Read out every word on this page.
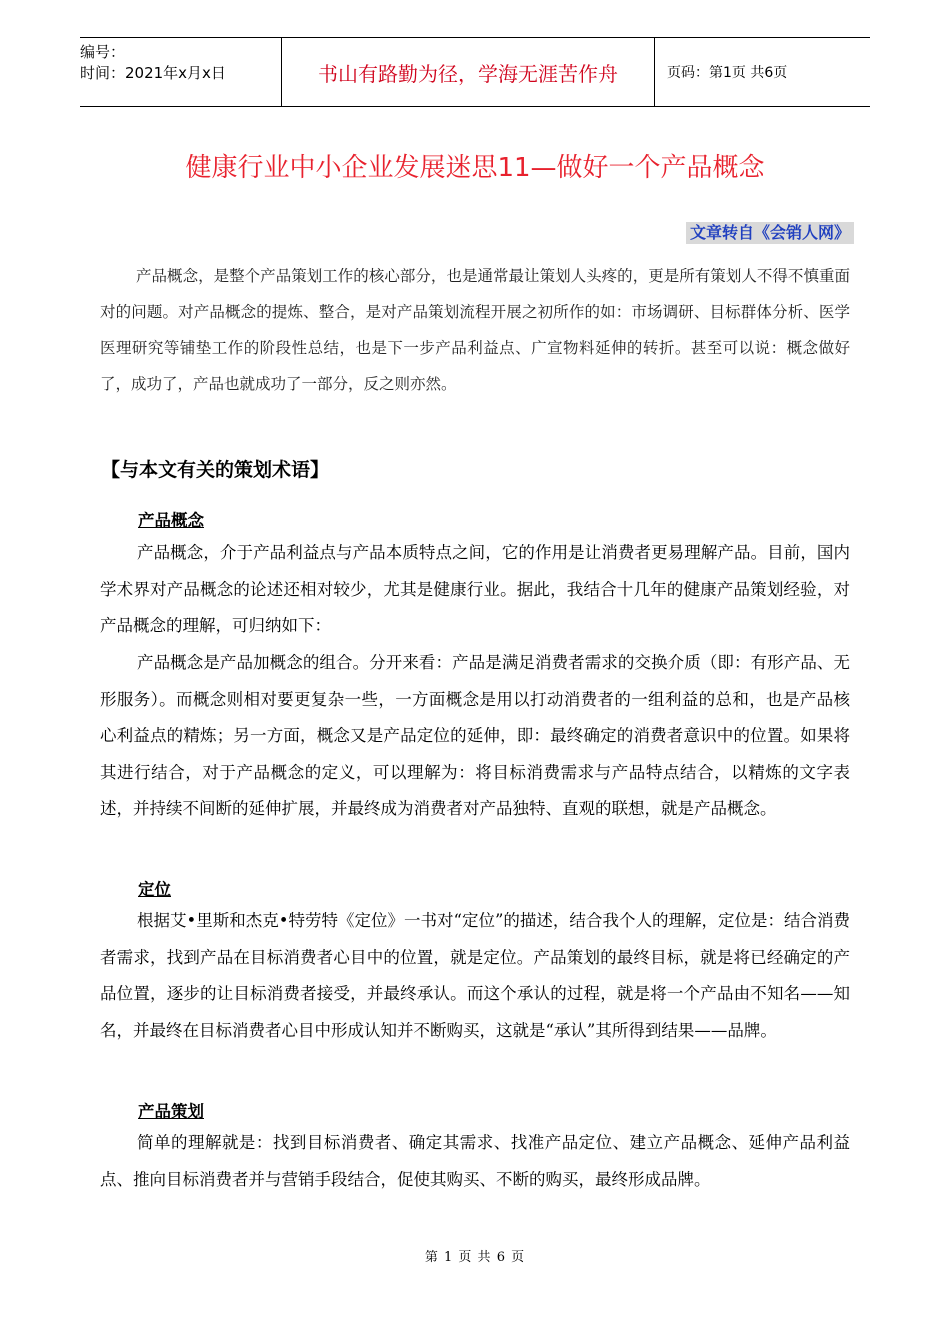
编号：
时间：2021年x月x日	书山有路勤为径，学海无涯苦作舟	页码：第1页 共6页
健康行业中小企业发展迷思11—做好一个产品概念
文章转自《会销人网》

产品概念，是整个产品策划工作的核心部分，也是通常最让策划人头疼的，更是所有策划人不得不慎重面对的问题。对产品概念的提炼、整合，是对产品策划流程开展之初所作的如：市场调研、目标群体分析、医学医理研究等铺垫工作的阶段性总结，也是下一步产品利益点、广宣物料延伸的转折。甚至可以说：概念做好了，成功了，产品也就成功了一部分，反之则亦然。

【与本文有关的策划术语】
产品概念

产品概念，介于产品利益点与产品本质特点之间，它的作用是让消费者更易理解产品。目前，国内学术界对产品概念的论述还相对较少，尤其是健康行业。据此，我结合十几年的健康产品策划经验，对产品概念的理解，可归纳如下：

产品概念是产品加概念的组合。分开来看：产品是满足消费者需求的交换介质（即：有形产品、无形服务）。而概念则相对要更复杂一些，一方面概念是用以打动消费者的一组利益的总和，也是产品核心利益点的精炼；另一方面，概念又是产品定位的延伸，即：最终确定的消费者意识中的位置。如果将其进行结合，对于产品概念的定义，可以理解为：将目标消费需求与产品特点结合，以精炼的文字表述，并持续不间断的延伸扩展，并最终成为消费者对产品独特、直观的联想，就是产品概念。

定位

根据艾•里斯和杰克•特劳特《定位》一书对“定位”的描述，结合我个人的理解，定位是：结合消费者需求，找到产品在目标消费者心目中的位置，就是定位。产品策划的最终目标，就是将已经确定的产品位置，逐步的让目标消费者接受，并最终承认。而这个承认的过程，就是将一个产品由不知名——知名，并最终在目标消费者心目中形成认知并不断购买，这就是“承认”其所得到结果——品牌。

产品策划

简单的理解就是：找到目标消费者、确定其需求、找准产品定位、建立产品概念、延伸产品利益点、推向目标消费者并与营销手段结合，促使其购买、不断的购买，最终形成品牌。

第 1 页 共 6 页
